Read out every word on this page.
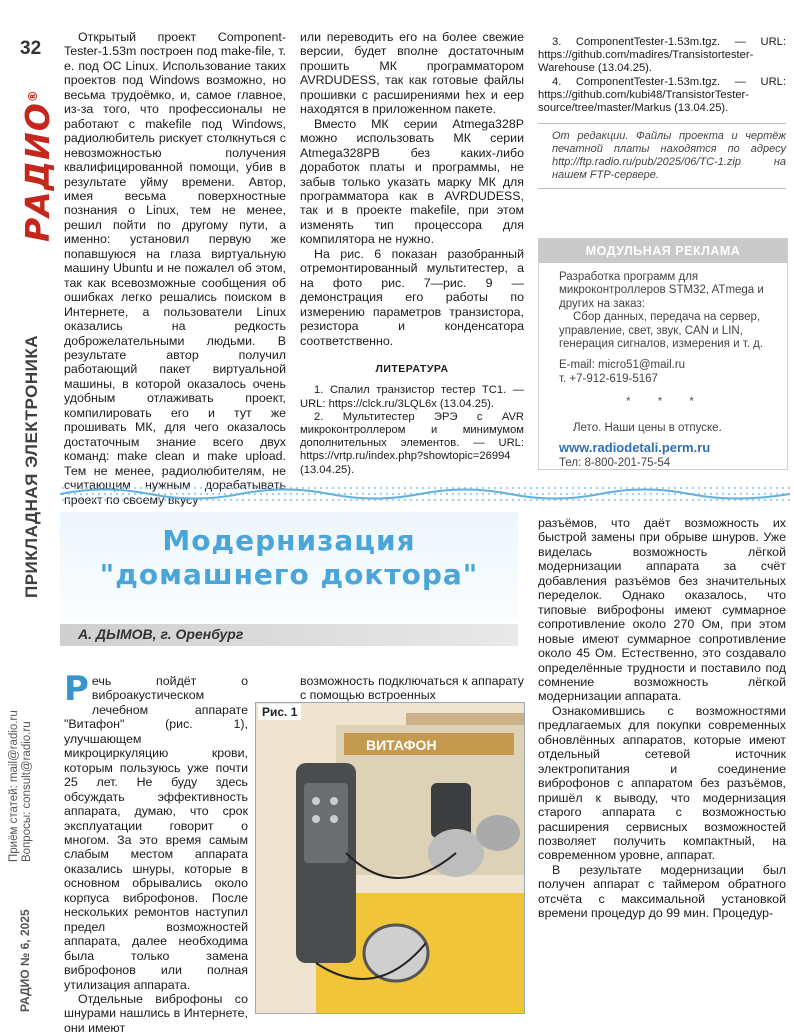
32
РАДИО®
ПРИКЛАДНАЯ ЭЛЕКТРОНИКА
Приём статей: mail@radio.ru Вопросы: consult@radio.ru
РАДИО № 6, 2025

Открытый проект Component-Tester-1.53m построен под make-file, т. е. под ОС Linux. Использование таких проектов под Windows возможно, но весьма трудоёмко, и, самое главное, из-за того, что профессионалы не работают с makefile под Windows, радиолюбитель рискует столкнуться с невозможностью получения квалифицированной помощи, убив в результате уйму времени. Автор, имея весьма поверхностные познания о Linux, тем не менее, решил пойти по другому пути, а именно: установил первую же попавшуюся на глаза виртуальную машину Ubuntu и не пожалел об этом, так как всевозможные сообщения об ошибках легко решались поиском в Интернете, а пользователи Linux оказались на редкость доброжелательными людьми. В результате автор получил работающий пакет виртуальной машины, в которой оказалось очень удобным отлаживать проект, компилировать его и тут же прошивать МК, для чего оказалось достаточным знание всего двух команд: make clean и make upload. Тем не менее, радиолюбителям, не

или переводить его на более свежие версии, будет вполне достаточным прошить МК программатором AVRDUDESS, так как готовые файлы прошивки с расширениями hex и eep находятся в приложенном пакете.

Вместо МК серии Atmega328P можно использовать МК серии Atmega328PB без каких-либо доработок платы и программы, не забыв только указать марку МК для программатора как в AVRDUDESS, так и в проекте makefile, при этом изменять тип процессора для компилятора не нужно.

На рис. 6 показан разобранный отремонтированный мультитестер, а на фото рис. 7—рис. 9 — демонстрация его работы по измерению параметров транзистора, резистора и конденсатора соответственно.

ЛИТЕРАТУРА

1. Спалил транзистор тестер TC1. — URL: https://clck.ru/3LQL6x (13.04.25).

2. Мультитестер ЭРЭ с AVR микроконтроллером и минимумом дополнительных элементов. — URL: https://vrtp.ru/index.php?showtopic=26994 (13.04.25).

3. ComponentTester-1.53m.tgz. — URL: https://github.com/madires/Transistortester-Warehouse (13.04.25).

4. ComponentTester-1.53m.tgz. — URL: https://github.com/kubi48/TransistorTester-source/tree/master/Markus (13.04.25).

От редакции. Файлы проекта и чертёж печатной платы находятся по адресу http://ftp.radio.ru/pub/2025/06/TC-1.zip на нашем FTP-сервере.
МОДУЛЬНАЯ РЕКЛАМА
Разработка программ для микроконтроллеров STM32, ATmega и других на заказ:
Сбор данных, передача на сервер, управление, свет, звук, CAN и LIN, генерация сигналов, измерения и т. д.
E-mail: micro51@mail.ru
т. +7-912-619-5167
* * *
Лето. Наши цены в отпуске.
www.radiodetali.perm.ru
Тел: 8-800-201-75-54
Модернизация
"домашнего доктора"
А. ДЫМОВ, г. Оренбург

Речь пойдёт о виброакустическом лечебном аппарате "Витафон" (рис. 1), улучшающем микроциркуляцию крови, которым пользуюсь уже почти 25 лет. Не буду здесь обсуждать эффективность аппарата, думаю, что срок эксплуатации говорит о многом. За это время самым слабым местом аппарата оказались шнуры, которые в основном обрывались около корпуса виброфонов. После нескольких ремонтов наступил предел возможностей аппарата, далее необходима была только замена виброфонов или полная утилизация аппарата.

Отдельные виброфоны со шнурами нашлись в Интернете, они имеют

возможность подключаться к аппарату с помощью встроенных

ВИТАФОН
Рис. 1

разъёмов, что даёт возможность их быстрой замены при обрыве шнуров. Уже виделась возможность лёгкой модернизации аппарата за счёт добавления разъёмов без значительных переделок. Однако оказалось, что типовые виброфоны имеют суммарное сопротивление около 270 Ом, при этом новые имеют суммарное сопротивление около 45 Ом. Естественно, это создавало определённые трудности и поставило под сомнение возможность лёгкой модернизации аппарата.

Ознакомившись с возможностями предлагаемых для покупки современных обновлённых аппаратов, которые имеют отдельный сетевой источник электропитания и соединение виброфонов с аппаратом без разъёмов, пришёл к выводу, что модернизация старого аппарата с возможностью расширения сервисных возможностей позволяет получить компактный, на современном уровне, аппарат.

В результате модернизации был получен аппарат с таймером обратного отсчёта с максимальной установкой времени процедур до 99 мин. Процедур-
